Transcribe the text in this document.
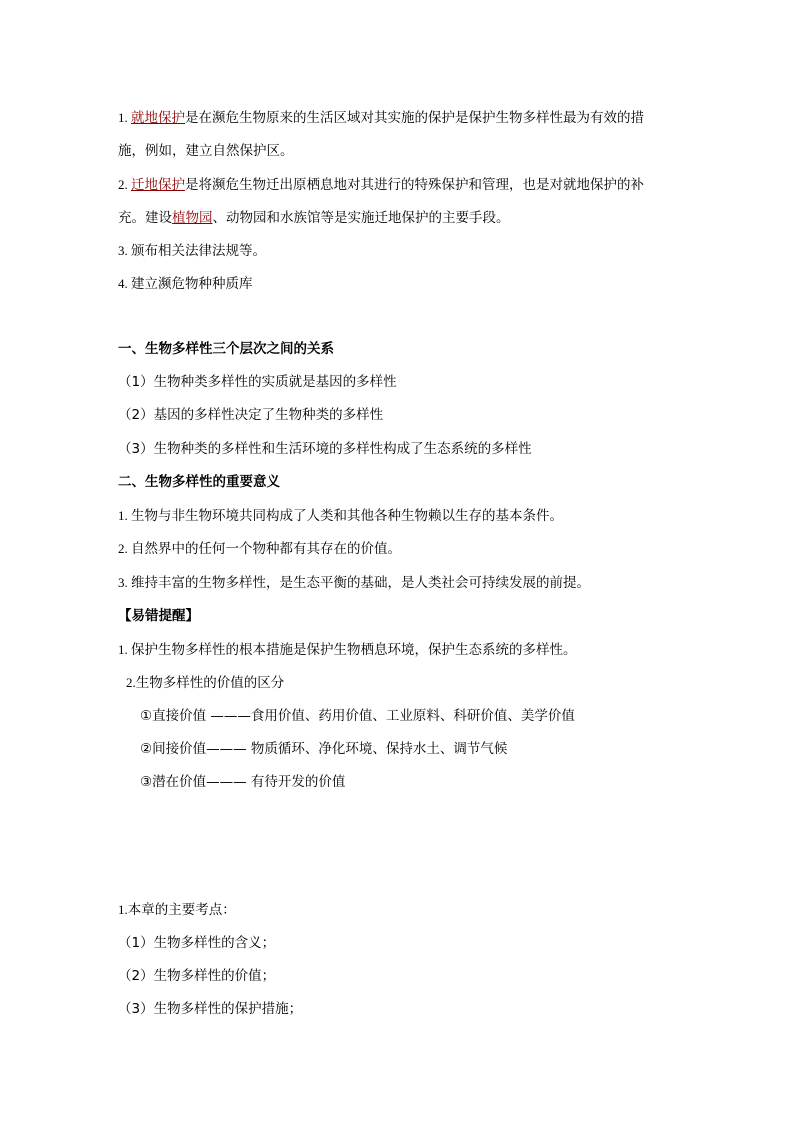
1. 就地保护是在濒危生物原来的生活区域对其实施的保护是保护生物多样性最为有效的措
施，例如，建立自然保护区。
2. 迁地保护是将濒危生物迁出原栖息地对其进行的特殊保护和管理，也是对就地保护的补
充。建设植物园、动物园和水族馆等是实施迁地保护的主要手段。
3. 颁布相关法律法规等。
4. 建立濒危物种种质库
一、生物多样性三个层次之间的关系
（1）生物种类多样性的实质就是基因的多样性
（2）基因的多样性决定了生物种类的多样性
（3）生物种类的多样性和生活环境的多样性构成了生态系统的多样性
二、生物多样性的重要意义
1. 生物与非生物环境共同构成了人类和其他各种生物赖以生存的基本条件。
2. 自然界中的任何一个物种都有其存在的价值。
3. 维持丰富的生物多样性，是生态平衡的基础，是人类社会可持续发展的前提。
【易错提醒】
1. 保护生物多样性的根本措施是保护生物栖息环境，保护生态系统的多样性。
2.生物多样性的价值的区分
①直接价值 ———食用价值、药用价值、工业原料、科研价值、美学价值
②间接价值——— 物质循环、净化环境、保持水土、调节气候
③潜在价值——— 有待开发的价值
1.本章的主要考点：
（1）生物多样性的含义；
（2）生物多样性的价值；
（3）生物多样性的保护措施；
